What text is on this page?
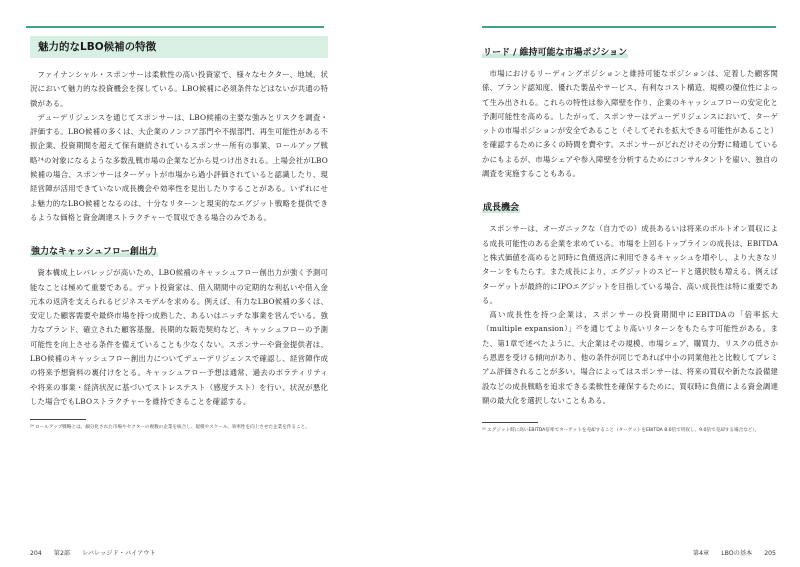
魅力的なLBO候補の特徴

ファイナンシャル・スポンサーは柔軟性の高い投資家で、様々なセクター、地域、状況において魅力的な投資機会を探している。LBO候補に必須条件などはないが共通の特徴がある。

デューデリジェンスを通じてスポンサーは、LBO候補の主要な強みとリスクを調査・評価する。LBO候補の多くは、大企業のノンコア部門や不振部門、再生可能性がある不振企業、投資期間を超えて保有継続されているスポンサー所有の事業、ロールアップ戦略²⁴の対象になるような多数乱戦市場の企業などから見つけ出される。上場会社がLBO候補の場合、スポンサーはターゲットが市場から過小評価されていると認識したり、現経営陣が活用できていない成長機会や効率性を見出したりすることがある。いずれにせよ魅力的なLBO候補となるのは、十分なリターンと現実的なエグジット戦略を提供できるような価格と資金調達ストラクチャーで買収できる場合のみである。

強力なキャッシュフロー創出力

資本構成上レバレッジが高いため、LBO候補のキャッシュフロー創出力が強く予測可能なことは極めて重要である。デット投資家は、借入期間中の定期的な利払いや借入金元本の返済を支えられるビジネスモデルを求める。例えば、有力なLBO候補の多くは、安定した顧客需要や最終市場を持つ成熟した、あるいはニッチな事業を営んでいる。強力なブランド、確立された顧客基盤、長期的な販売契約など、キャッシュフローの予測可能性を向上させる条件を備えていることも少なくない。スポンサーや資金提供者は、LBO候補のキャッシュフロー創出力についてデューデリジェンスで確認し、経営陣作成の将来予想資料の裏付けをとる。キャッシュフロー予想は通常、過去のボラティリティや将来の事業・経済状況に基づいてストレステスト（感度テスト）を行い、状況が悪化した場合でもLBOストラクチャーを維持できることを確認する。

²⁴ ロールアップ戦略とは、細分化された市場やセクターの複数の企業を統合し、規模やスケール、効率性を向上させた企業を作ること。
204 第2部 レバレッジド・バイアウト
リード / 維持可能な市場ポジション

市場におけるリーディングポジションと維持可能なポジションは、定着した顧客関係、ブランド認知度、優れた製品やサービス、有利なコスト構造、規模の優位性によって生み出される。これらの特性は参入障壁を作り、企業のキャッシュフローの安定化と予測可能性を高める。したがって、スポンサーはデューデリジェンスにおいて、ターゲットの市場ポジションが安全であること（そしてそれを拡大できる可能性があること）を確認するために多くの時間を費やす。スポンサーがどれだけその分野に精通しているかにもよるが、市場シェアや参入障壁を分析するためにコンサルタントを雇い、独自の調査を実施することもある。

成長機会

スポンサーは、オーガニックな（自力での）成長あるいは将来のボルトオン買収による成長可能性のある企業を求めている。市場を上回るトップラインの成長は、EBITDAと株式価値を高めると同時に負債返済に利用できるキャッシュを増やし、より大きなリターンをもたらす。また成長により、エグジットのスピードと選択肢も増える。例えばターゲットが最終的にIPOエグジットを目指している場合、高い成長性は特に重要である。

高い成長性を持つ企業は、スポンサーの投資期間中にEBITDAの「倍率拡大（multiple expansion）」²⁵を通じてより高いリターンをもたらす可能性がある。また、第1章で述べたように、大企業はその規模、市場シェア、購買力、リスクの低さから恩恵を受ける傾向があり、他の条件が同じであれば中小の同業他社と比較してプレミアム評価されることが多い。場合によってはスポンサーは、将来の買収や新たな設備建設などの成長戦略を追求できる柔軟性を確保するために、買収時に負債による資金調達額の最大化を選択しないこともある。

²⁵ エグジット時に高いEBITDA倍率でターゲットを売却すること（ターゲットをEBITDA 8.0倍で買収し、9.0倍で売却する場合など）。
第4章 LBOの基本 205
